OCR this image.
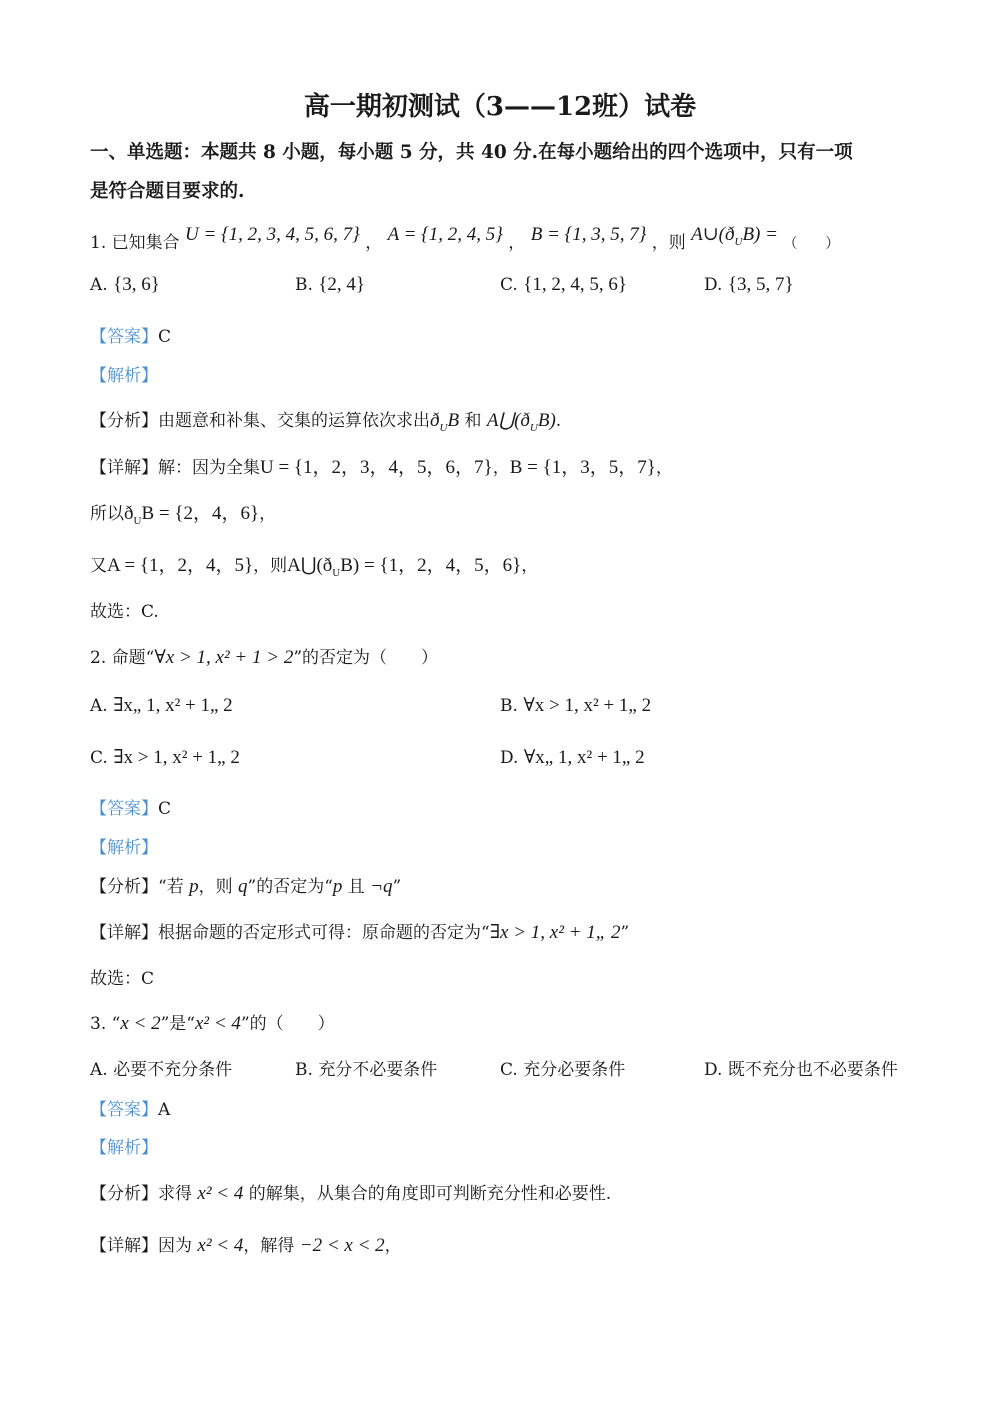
高一期初测试（3——12班）试卷
一、单选题：本题共 8 小题，每小题 5 分，共 40 分.在每小题给出的四个选项中，只有一项
是符合题目要求的.
1. 已知集合 U = {1, 2, 3, 4, 5, 6, 7} ， A = {1, 2, 4, 5} ， B = {1, 3, 5, 7} ，则 $A\cup(ð_UB)$ = （　　）
A. {3, 6}	B. {2, 4}	C. {1, 2, 4, 5, 6}	D. {3, 5, 7}
【答案】C
【解析】
【分析】由题意和补集、交集的运算依次求出$ð_UB$ 和 $A⋃(ð_UB)$.
【详解】解：因为全集U = {1，2，3，4，5，6，7}，B = {1，3，5，7}，
所以$ð_UB = \{2$，4，6}，
又A = {1，2，4，5}，则$A⋃(ð_UB) = \{1$，2，4，5，6}，
故选：C.
2. 命题“∀x > 1, x² + 1 > 2”的否定为（　　）
A. ∃x„ 1, x² + 1„ 2	B. ∀x > 1, x² + 1„ 2
C. ∃x > 1, x² + 1„ 2	D. ∀x„ 1, x² + 1„ 2
【答案】C
【解析】
【分析】“若 p，则 q”的否定为“p 且 ¬q”
【详解】根据命题的否定形式可得：原命题的否定为“∃x > 1, x² + 1„ 2”
故选：C
3. “x < 2”是“x² < 4”的（　　）
A. 必要不充分条件	B. 充分不必要条件	C. 充分必要条件	D. 既不充分也不必要条件
【答案】A
【解析】
【分析】求得 x² < 4 的解集，从集合的角度即可判断充分性和必要性.
【详解】因为 x² < 4，解得 −2 < x < 2，
